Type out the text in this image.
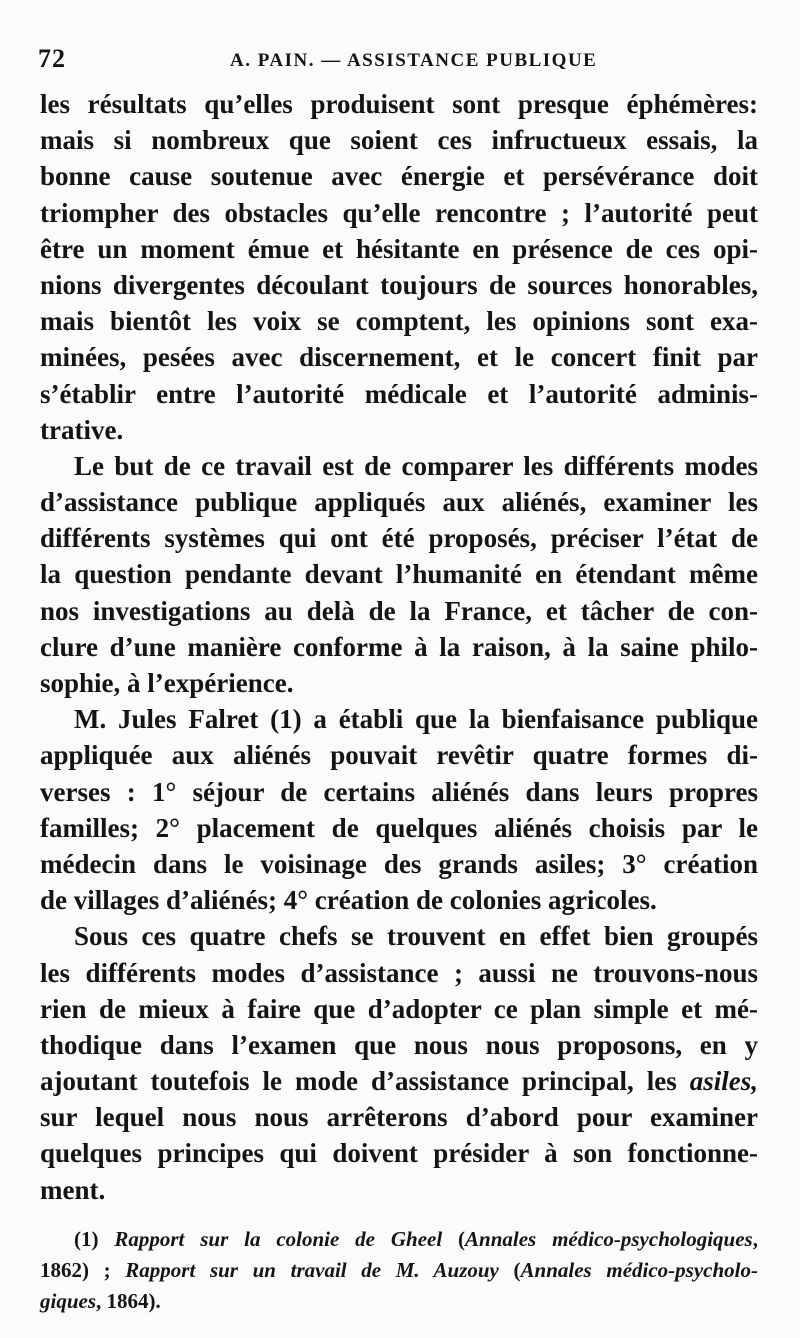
72	A. PAIN. — ASSISTANCE PUBLIQUE
les résultats qu’elles produisent sont presque éphémères:
mais si nombreux que soient ces infructueux essais, la
bonne cause soutenue avec énergie et persévérance doit
triompher des obstacles qu’elle rencontre ; l’autorité peut
être un moment émue et hésitante en présence de ces opi-
nions divergentes découlant toujours de sources honorables,
mais bientôt les voix se comptent, les opinions sont exa-
minées, pesées avec discernement, et le concert finit par
s’établir entre l’autorité médicale et l’autorité adminis-
trative.
Le but de ce travail est de comparer les différents modes
d’assistance publique appliqués aux aliénés, examiner les
différents systèmes qui ont été proposés, préciser l’état de
la question pendante devant l’humanité en étendant même
nos investigations au delà de la France, et tâcher de con-
clure d’une manière conforme à la raison, à la saine philo-
sophie, à l’expérience.
M. Jules Falret (1) a établi que la bienfaisance publique
appliquée aux aliénés pouvait revêtir quatre formes di-
verses : 1° séjour de certains aliénés dans leurs propres
familles; 2° placement de quelques aliénés choisis par le
médecin dans le voisinage des grands asiles; 3° création
de villages d’aliénés; 4° création de colonies agricoles.
Sous ces quatre chefs se trouvent en effet bien groupés
les différents modes d’assistance ; aussi ne trouvons-nous
rien de mieux à faire que d’adopter ce plan simple et mé-
thodique dans l’examen que nous nous proposons, en y
ajoutant toutefois le mode d’assistance principal, les asiles,
sur lequel nous nous arrêterons d’abord pour examiner
quelques principes qui doivent présider à son fonctionne-
ment.
(1) Rapport sur la colonie de Gheel (Annales médico-psychologiques,
1862) ; Rapport sur un travail de M. Auzouy (Annales médico-psycholo-
giques, 1864).
